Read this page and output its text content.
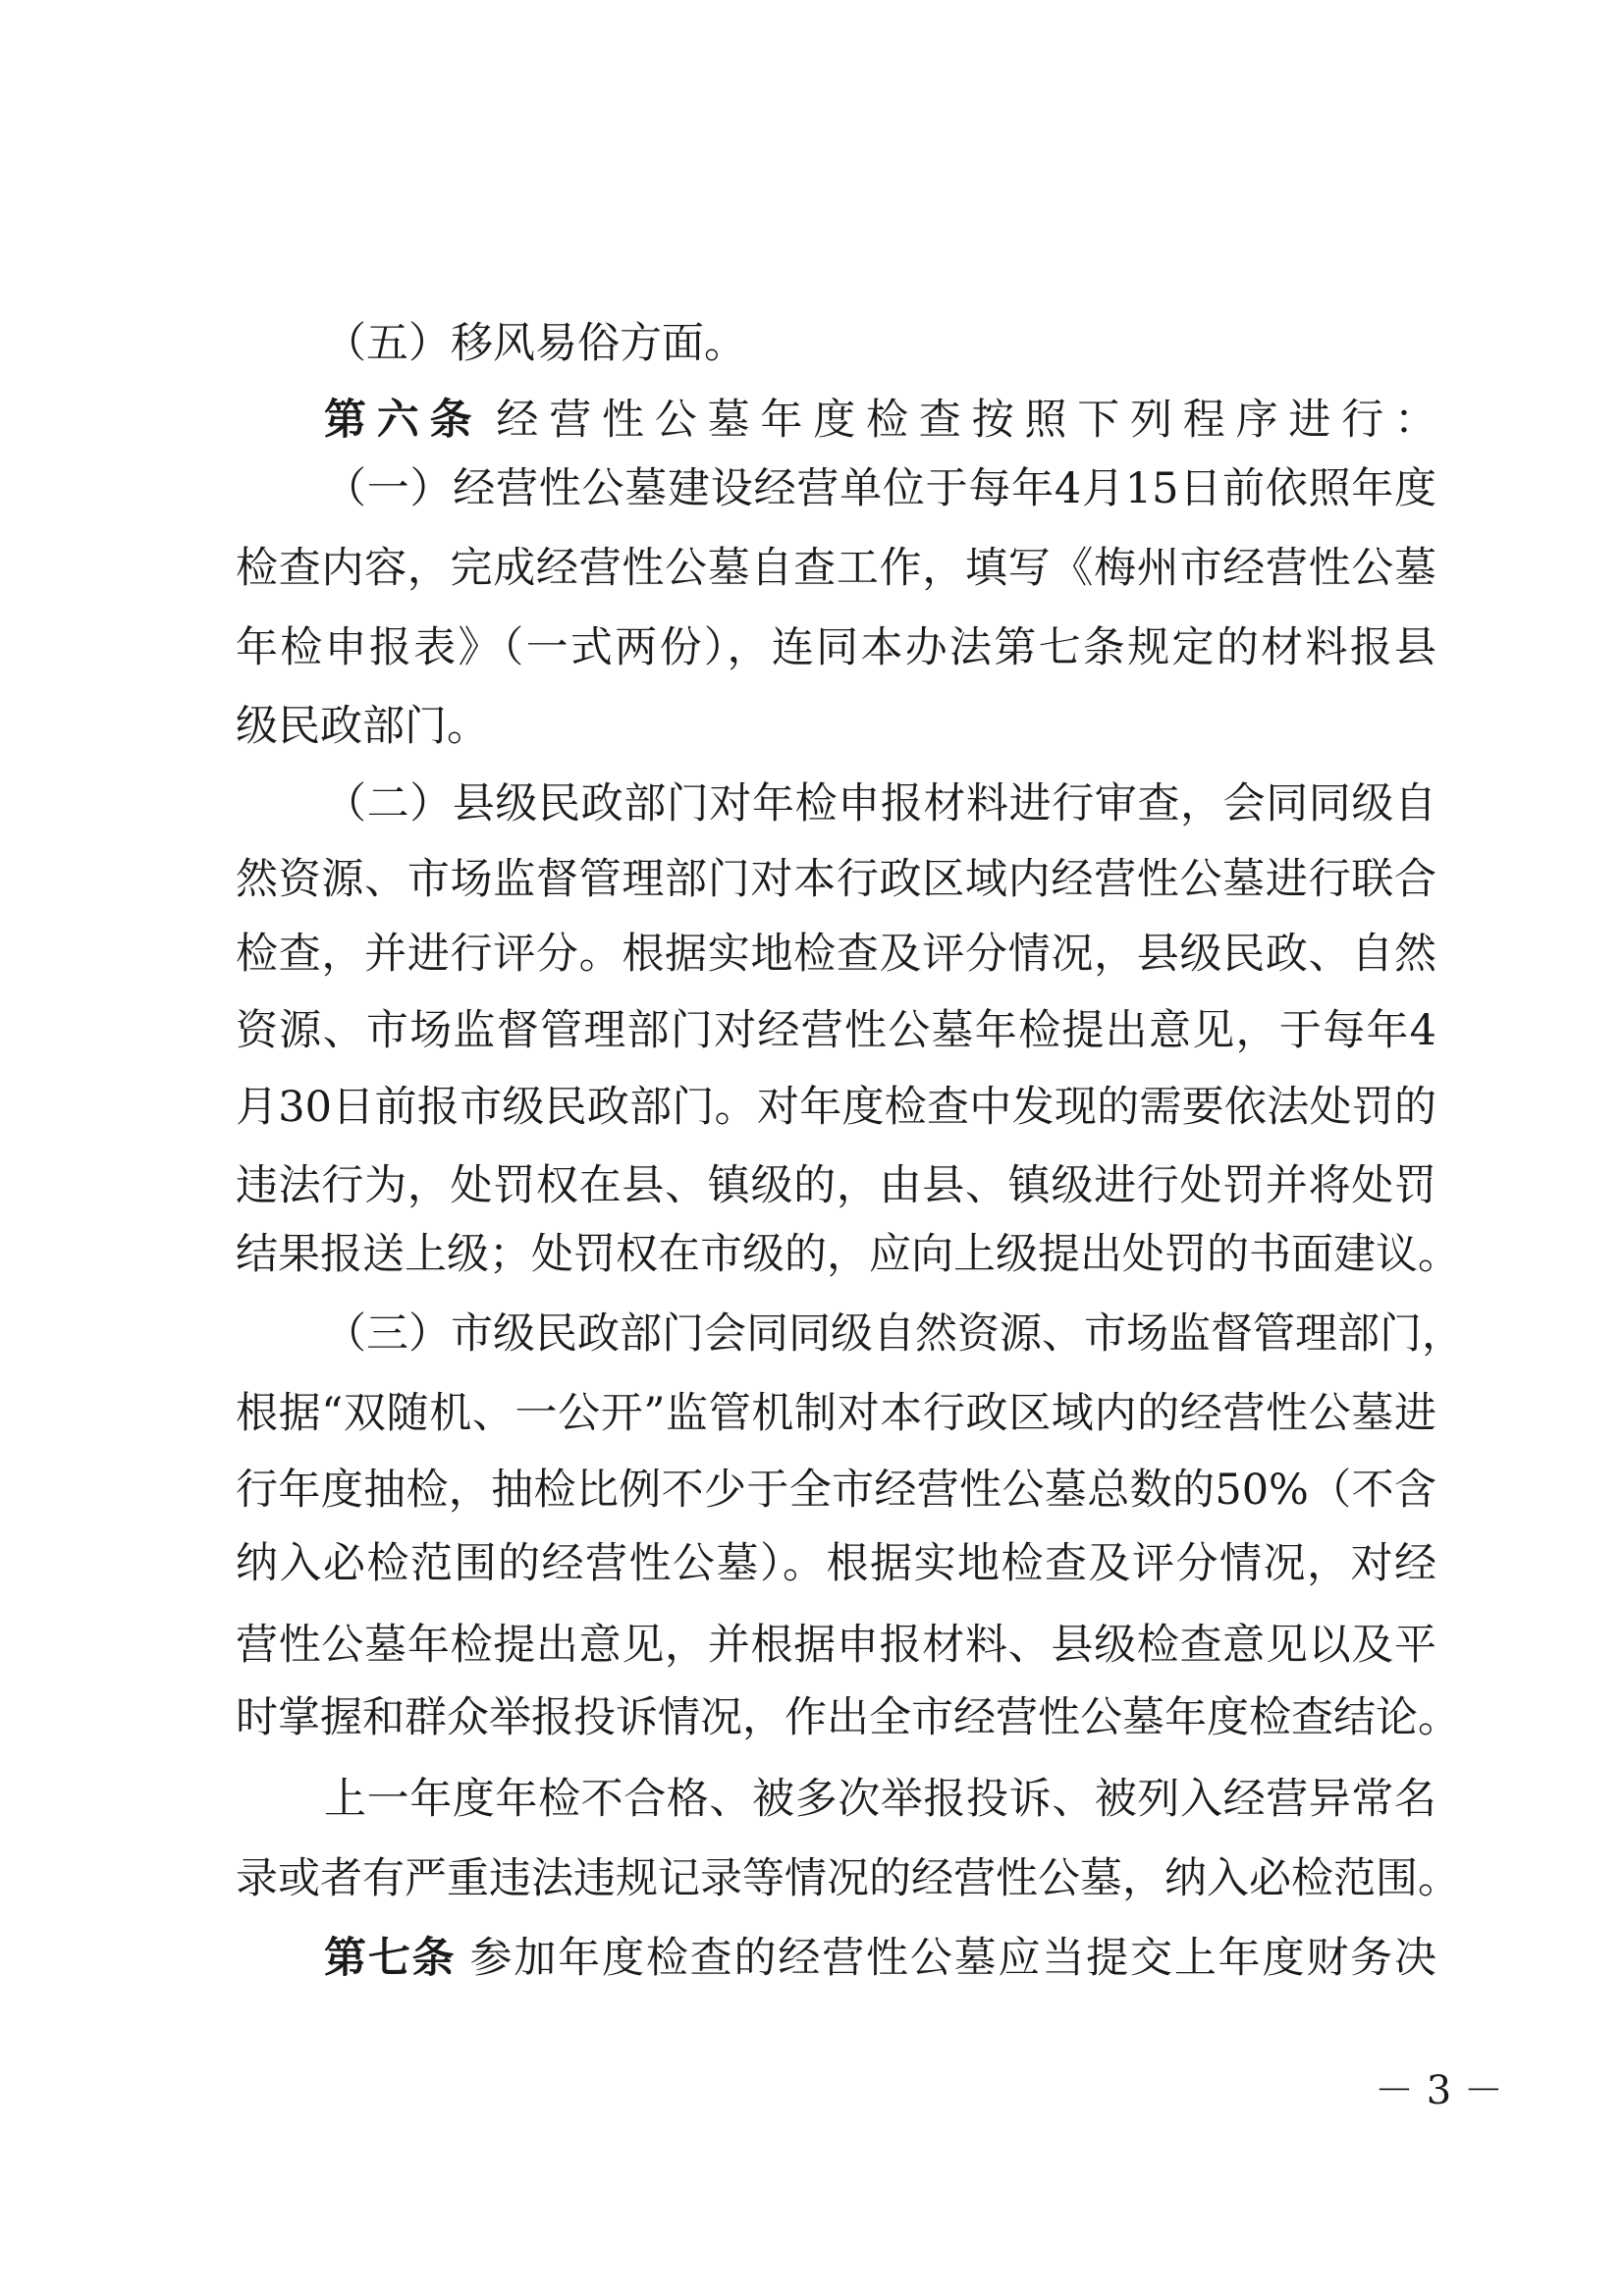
（五）移风易俗方面。
第六条 经营性公墓年度检查按照下列程序进行：
（一）经营性公墓建设经营单位于每年4月15日前依照年度
检查内容，完成经营性公墓自查工作，填写《梅州市经营性公墓
年检申报表》（一式两份），连同本办法第七条规定的材料报县
级民政部门。
（二）县级民政部门对年检申报材料进行审查，会同同级自
然资源、市场监督管理部门对本行政区域内经营性公墓进行联合
检查，并进行评分。根据实地检查及评分情况，县级民政、自然
资源、市场监督管理部门对经营性公墓年检提出意见，于每年4
月30日前报市级民政部门。对年度检查中发现的需要依法处罚的
违法行为，处罚权在县、镇级的，由县、镇级进行处罚并将处罚
结果报送上级；处罚权在市级的，应向上级提出处罚的书面建议。
（三）市级民政部门会同同级自然资源、市场监督管理部门，
根据“双随机、一公开”监管机制对本行政区域内的经营性公墓进
行年度抽检，抽检比例不少于全市经营性公墓总数的50%（不含
纳入必检范围的经营性公墓）。根据实地检查及评分情况，对经
营性公墓年检提出意见，并根据申报材料、县级检查意见以及平
时掌握和群众举报投诉情况，作出全市经营性公墓年度检查结论。
上一年度年检不合格、被多次举报投诉、被列入经营异常名
录或者有严重违法违规记录等情况的经营性公墓，纳入必检范围。
第七条 参加年度检查的经营性公墓应当提交上年度财务决
－ 3 －
